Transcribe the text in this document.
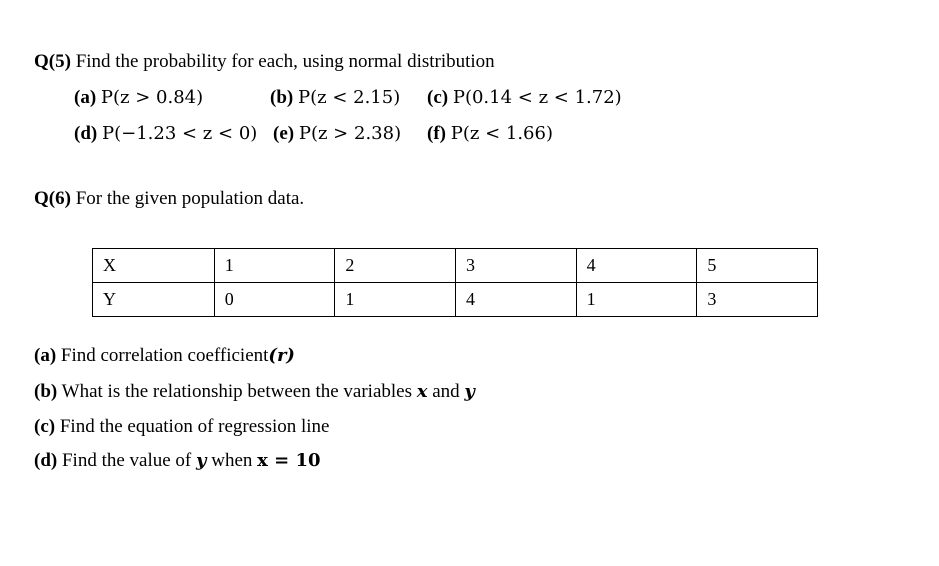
Q(5) Find the probability for each, using normal distribution
(a) P(z > 0.84)	(b) P(z < 2.15) (c) P(0.14 < z < 1.72)
(d) P(−1.23 < z < 0) (e) P(z > 2.38) (f) P(z < 1.66)
Q(6) For the given population data.
X	1	2	3	4	5
Y	0	1	4	1	3
(a) Find correlation coefficient(r)
(b) What is the relationship between the variables x and y
(c) Find the equation of regression line
(d) Find the value of y when x = 10
